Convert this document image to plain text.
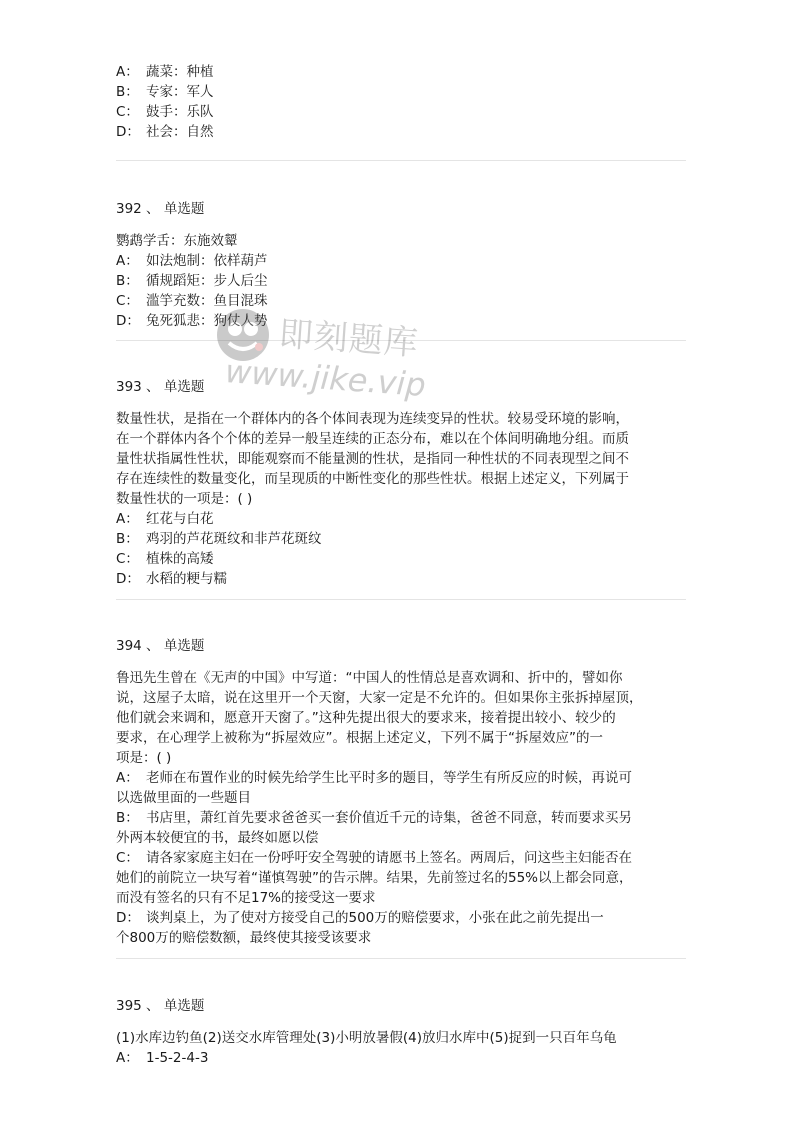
A： 蔬菜：种植
B： 专家：军人
C： 鼓手：乐队
D： 社会：自然
392 、 单选题
鹦鹉学舌：东施效颦
A： 如法炮制：依样葫芦
B： 循规蹈矩：步人后尘
C： 滥竽充数：鱼目混珠
D： 兔死狐悲：狗仗人势
393 、 单选题
数量性状，是指在一个群体内的各个体间表现为连续变异的性状。较易受环境的影响，
在一个群体内各个个体的差异一般呈连续的正态分布，难以在个体间明确地分组。而质
量性状指属性性状，即能观察而不能量测的性状，是指同一种性状的不同表现型之间不
存在连续性的数量变化，而呈现质的中断性变化的那些性状。根据上述定义，下列属于
数量性状的一项是：( )
A： 红花与白花
B： 鸡羽的芦花斑纹和非芦花斑纹
C： 植株的高矮
D： 水稻的粳与糯
394 、 单选题
鲁迅先生曾在《无声的中国》中写道：“中国人的性情总是喜欢调和、折中的，譬如你
说，这屋子太暗，说在这里开一个天窗，大家一定是不允许的。但如果你主张拆掉屋顶，
他们就会来调和，愿意开天窗了。”这种先提出很大的要求来，接着提出较小、较少的
要求，在心理学上被称为“拆屋效应”。根据上述定义，下列不属于“拆屋效应”的一
项是：( )
A： 老师在布置作业的时候先给学生比平时多的题目，等学生有所反应的时候，再说可
以选做里面的一些题目
B： 书店里，萧红首先要求爸爸买一套价值近千元的诗集，爸爸不同意，转而要求买另
外两本较便宜的书，最终如愿以偿
C： 请各家家庭主妇在一份呼吁安全驾驶的请愿书上签名。两周后，问这些主妇能否在
她们的前院立一块写着“谨慎驾驶”的告示牌。结果，先前签过名的55%以上都会同意，
而没有签名的只有不足17%的接受这一要求
D： 谈判桌上，为了使对方接受自己的500万的赔偿要求，小张在此之前先提出一
个800万的赔偿数额，最终使其接受该要求
395 、 单选题
(1)水库边钓鱼(2)送交水库管理处(3)小明放暑假(4)放归水库中(5)捉到一只百年乌龟
A： 1-5-2-4-3
即刻题库
www.jike.vip
